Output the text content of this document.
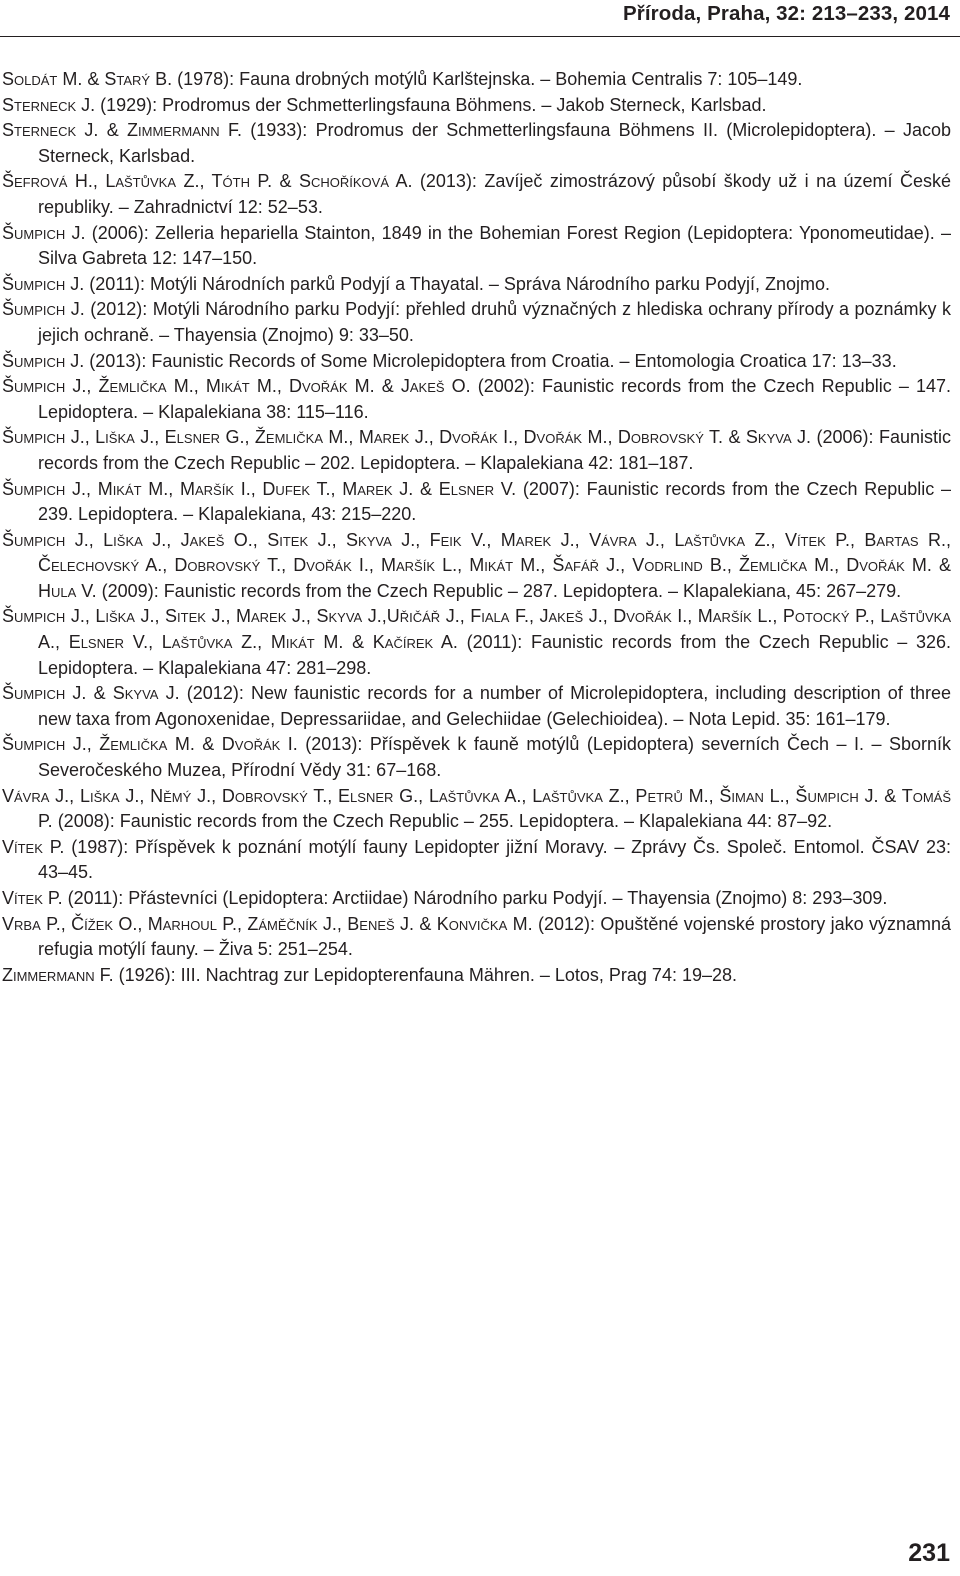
Příroda, Praha, 32: 213–233, 2014
Soldát M. & Starý B. (1978): Fauna drobných motýlů Karlštejnska. – Bohemia Centralis 7: 105–149.
Sterneck J. (1929): Prodromus der Schmetterlingsfauna Böhmens. – Jakob Sterneck, Karlsbad.
Sterneck J. & Zimmermann F. (1933): Prodromus der Schmetterlingsfauna Böhmens II. (Microlepidoptera). – Jacob Sterneck, Karlsbad.
Šefrová H., Laštůvka Z., Tóth P. & Schoříková A. (2013): Zavíječ zimostrázový působí škody už i na území České republiky. – Zahradnictví 12: 52–53.
Šumpich J. (2006): Zelleria hepariella Stainton, 1849 in the Bohemian Forest Region (Lepidoptera: Yponomeutidae). – Silva Gabreta 12: 147–150.
Šumpich J. (2011): Motýli Národních parků Podyjí a Thayatal. – Správa Národního parku Podyjí, Znojmo.
Šumpich J. (2012): Motýli Národního parku Podyjí: přehled druhů význačných z hlediska ochrany přírody a poznámky k jejich ochraně. – Thayensia (Znojmo) 9: 33–50.
Šumpich J. (2013): Faunistic Records of Some Microlepidoptera from Croatia. – Entomologia Croatica 17: 13–33.
Šumpich J., Žemlička M., Mikát M., Dvořák M. & Jakeš O. (2002): Faunistic records from the Czech Republic – 147. Lepidoptera. – Klapalekiana 38: 115–116.
Šumpich J., Liška J., Elsner G., Žemlička M., Marek J., Dvořák I., Dvořák M., Dobrovský T. & Skyva J. (2006): Faunistic records from the Czech Republic – 202. Lepidoptera. – Klapalekiana 42: 181–187.
Šumpich J., Mikát M., Maršík I., Dufek T., Marek J. & Elsner V. (2007): Faunistic records from the Czech Republic – 239. Lepidoptera. – Klapalekiana, 43: 215–220.
Šumpich J., Liška J., Jakeš O., Sitek J., Skyva J., Feik V., Marek J., Vávra J., Laštůvka Z., Vítek P., Bartas R., Čelechovský A., Dobrovský T., Dvořák I., Maršík L., Mikát M., Šafář J., Vodrlind B., Žemlička M., Dvořák M. & Hula V. (2009): Faunistic records from the Czech Republic – 287. Lepidoptera. – Klapalekiana, 45: 267–279.
Šumpich J., Liška J., Sitek J., Marek J., Skyva J.,Uřičář J., Fiala F., Jakeš J., Dvořák I., Maršík L., Potocký P., Laštůvka A., Elsner V., Laštůvka Z., Mikát M. & Kačírek A. (2011): Faunistic records from the Czech Republic – 326. Lepidoptera. – Klapalekiana 47: 281–298.
Šumpich J. & Skyva J. (2012): New faunistic records for a number of Microlepidoptera, including description of three new taxa from Agonoxenidae, Depressariidae, and Gelechiidae (Gelechioidea). – Nota Lepid. 35: 161–179.
Šumpich J., Žemlička M. & Dvořák I. (2013): Příspěvek k fauně motýlů (Lepidoptera) severních Čech – I. – Sborník Severočeského Muzea, Přírodní Vědy 31: 67–168.
Vávra J., Liška J., Němý J., Dobrovský T., Elsner G., Laštůvka A., Laštůvka Z., Petrů M., Šiman L., Šumpich J. & Tomáš P. (2008): Faunistic records from the Czech Republic – 255. Lepidoptera. – Klapalekiana 44: 87–92.
Vítek P. (1987): Příspěvek k poznání motýlí fauny Lepidopter jižní Moravy. – Zprávy Čs. Společ. Entomol. ČSAV 23: 43–45.
Vítek P. (2011): Přástevníci (Lepidoptera: Arctiidae) Národního parku Podyjí. – Thayensia (Znojmo) 8: 293–309.
Vrba P., Čížek O., Marhoul P., Záměčník J., Beneš J. & Konvička M. (2012): Opuštěné vojenské prostory jako významná refugia motýlí fauny. – Živa 5: 251–254.
Zimmermann F. (1926): III. Nachtrag zur Lepidopterenfauna Mähren. – Lotos, Prag 74: 19–28.
231
